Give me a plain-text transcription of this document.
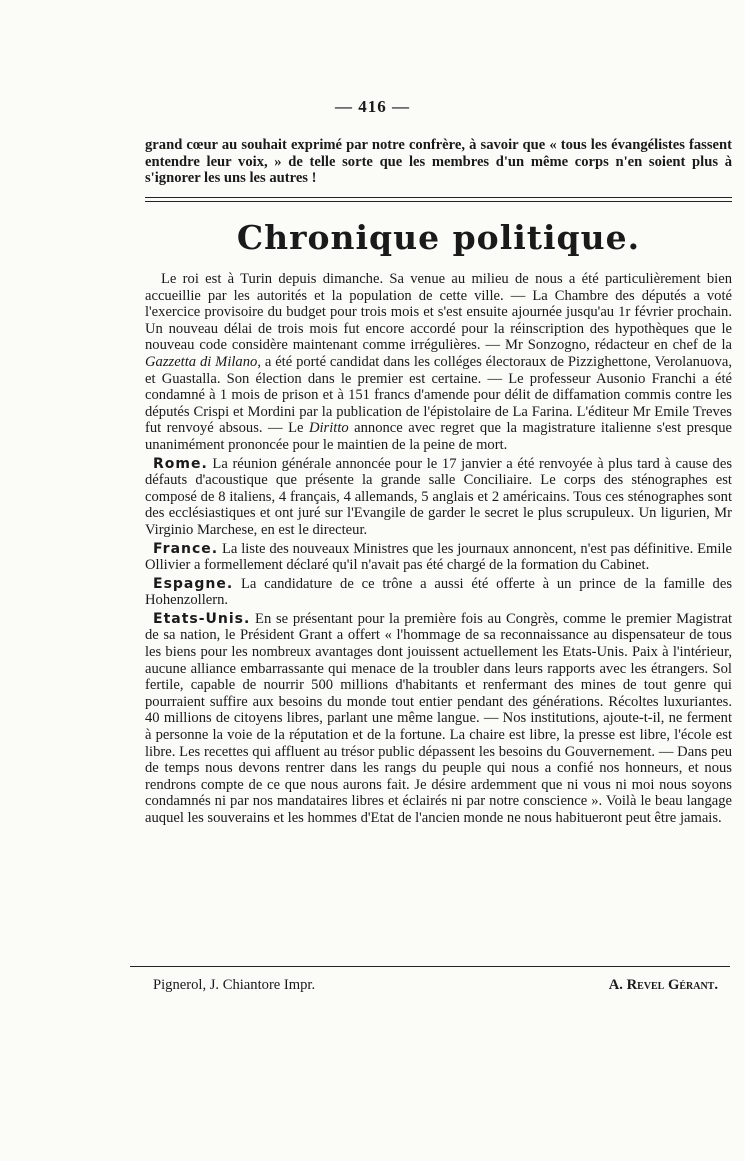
— 416 —
grand cœur au souhait exprimé par notre confrère, à savoir que « tous les évangélistes fassent entendre leur voix, » de telle sorte que les membres d'un même corps n'en soient plus à s'ignorer les uns les autres !
Chronique politique.

Le roi est à Turin depuis dimanche. Sa venue au milieu de nous a été particulièrement bien accueillie par les autorités et la population de cette ville. — La Chambre des députés a voté l'exercice provisoire du budget pour trois mois et s'est ensuite ajournée jusqu'au 1r février prochain. Un nouveau délai de trois mois fut encore accordé pour la réinscription des hypothèques que le nouveau code considère maintenant comme irrégulières. — Mr Sonzogno, rédacteur en chef de la Gazzetta di Milano, a été porté candidat dans les colléges électoraux de Pizzighettone, Verolanuova, et Guastalla. Son élection dans le premier est certaine. — Le professeur Ausonio Franchi a été condamné à 1 mois de prison et à 151 francs d'amende pour délit de diffamation commis contre les députés Crispi et Mordini par la publication de l'épistolaire de La Farina. L'éditeur Mr Emile Treves fut renvoyé absous. — Le Diritto annonce avec regret que la magistrature italienne s'est presque unanimément prononcée pour le maintien de la peine de mort.

Rome. La réunion générale annoncée pour le 17 janvier a été renvoyée à plus tard à cause des défauts d'acoustique que présente la grande salle Conciliaire. Le corps des sténographes est composé de 8 italiens, 4 français, 4 allemands, 5 anglais et 2 américains. Tous ces sténographes sont des ecclésiastiques et ont juré sur l'Evangile de garder le secret le plus scrupuleux. Un ligurien, Mr Virginio Marchese, en est le directeur.

France. La liste des nouveaux Ministres que les journaux annoncent, n'est pas définitive. Emile Ollivier a formellement déclaré qu'il n'avait pas été chargé de la formation du Cabinet.

Espagne. La candidature de ce trône a aussi été offerte à un prince de la famille des Hohenzollern.

Etats-Unis. En se présentant pour la première fois au Congrès, comme le premier Magistrat de sa nation, le Président Grant a offert « l'hommage de sa reconnaissance au dispensateur de tous les biens pour les nombreux avantages dont jouissent actuellement les Etats-Unis. Paix à l'intérieur, aucune alliance embarrassante qui menace de la troubler dans leurs rapports avec les étrangers. Sol fertile, capable de nourrir 500 millions d'habitants et renfermant des mines de tout genre qui pourraient suffire aux besoins du monde tout entier pendant des générations. Récoltes luxuriantes. 40 millions de citoyens libres, parlant une même langue. — Nos institutions, ajoute-t-il, ne ferment à personne la voie de la réputation et de la fortune. La chaire est libre, la presse est libre, l'école est libre. Les recettes qui affluent au trésor public dépassent les besoins du Gouvernement. — Dans peu de temps nous devons rentrer dans les rangs du peuple qui nous a confié nos honneurs, et nous rendrons compte de ce que nous aurons fait. Je désire ardemment que ni vous ni moi nous soyons condamnés ni par nos mandataires libres et éclairés ni par notre conscience ». Voilà le beau langage auquel les souverains et les hommes d'Etat de l'ancien monde ne nous habitueront peut être jamais.

Pignerol, J. Chiantore Impr.	A. Revel Gérant.
